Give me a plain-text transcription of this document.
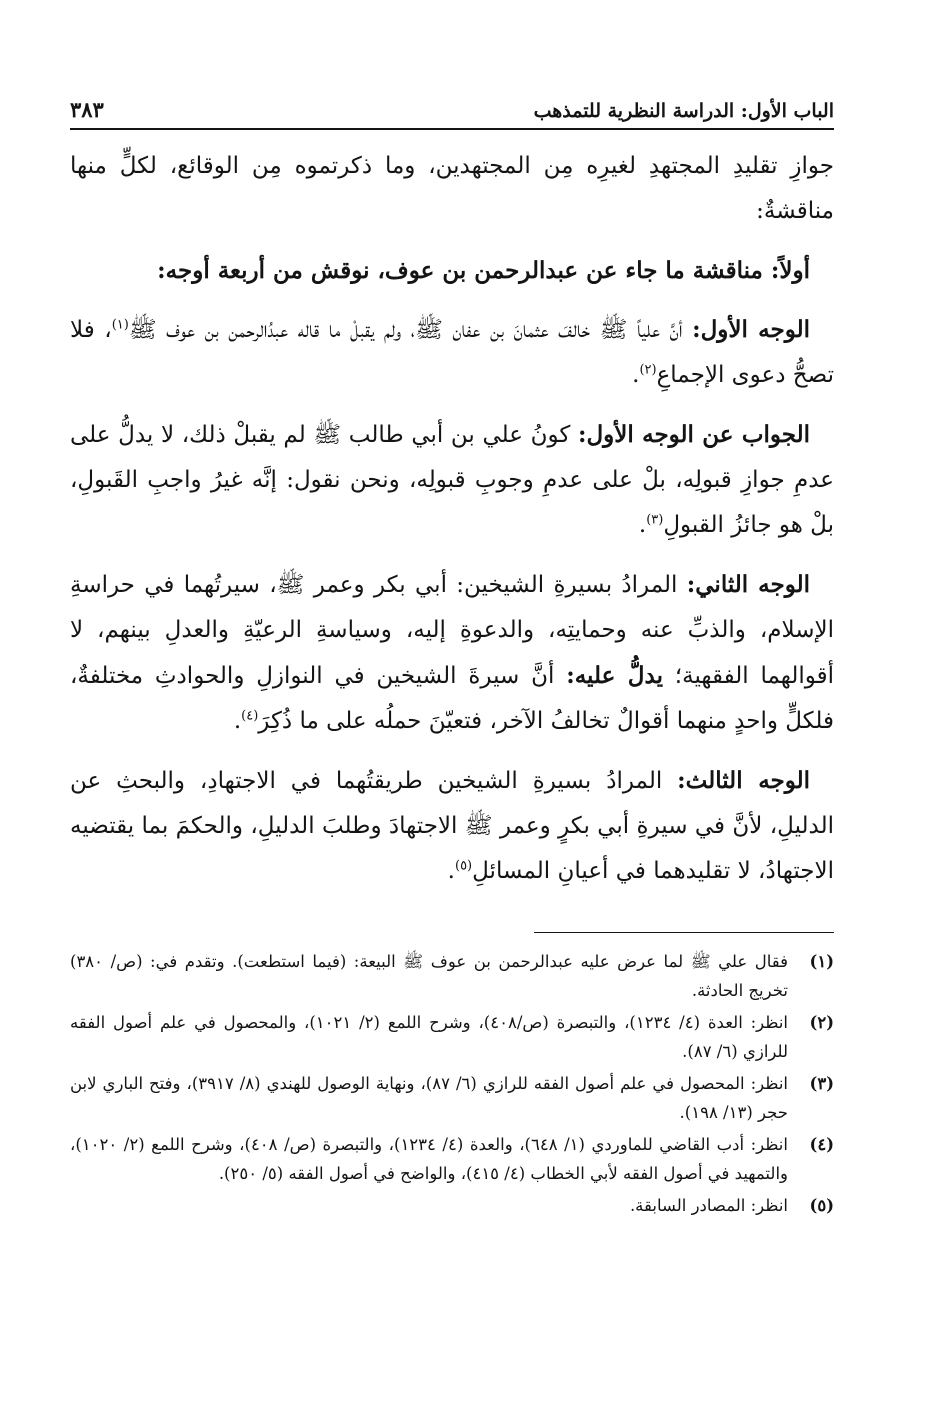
الباب الأول: الدراسة النظرية للتمذهب
٣٨٣

جوازِ تقليدِ المجتهدِ لغيرِه مِن المجتهدين، وما ذكرتموه مِن الوقائع، لكلٍّ منها مناقشةٌ:

أولاً: مناقشة ما جاء عن عبدالرحمن بن عوف، نوقش من أربعة أوجه:

الوجه الأول: أنَّ علياً ﷺ خالفَ عثمانَ بن عفان ﷺ، ولم يقبلْ ما قاله عبدُالرحمن بن عوف ﷺ$^{(١)}$، فلا تصحُّ دعوى الإجماعِ$^{(٢)}$.

الجواب عن الوجه الأول: كونُ علي بن أبي طالب ﷺ لم يقبلْ ذلك، لا يدلُّ على عدمِ جوازِ قبولِه، بلْ على عدمِ وجوبِ قبولِه، ونحن نقول: إنَّه غيرُ واجبِ القَبولِ، بلْ هو جائزُ القبولِ$^{(٣)}$.

الوجه الثاني: المرادُ بسيرةِ الشيخين: أبي بكر وعمر ﷺ، سيرتُهما في حراسةِ الإسلام، والذبِّ عنه وحمايتِه، والدعوةِ إليه، وسياسةِ الرعيّةِ والعدلِ بينهم، لا أقوالهما الفقهية؛ يدلُّ عليه: أنَّ سيرةَ الشيخين في النوازلِ والحوادثِ مختلفةٌ، فلكلٍّ واحدٍ منهما أقوالٌ تخالفُ الآخر، فتعيّنَ حملُه على ما ذُكِرَ$^{(٤)}$.

الوجه الثالث: المرادُ بسيرةِ الشيخين طريقتُهما في الاجتهادِ، والبحثِ عن الدليلِ، لأنَّ في سيرةِ أبي بكرٍ وعمر ﷺ الاجتهادَ وطلبَ الدليلِ، والحكمَ بما يقتضيه الاجتهادُ، لا تقليدهما في أعيانِ المسائلِ$^{(٥)}$.

(١)
فقال علي ﷺ لما عرض عليه عبدالرحمن بن عوف ﷺ البيعة: (فيما استطعت). وتقدم في: (ص/ ٣٨٠) تخريج الحادثة.
(٢)
انظر: العدة (٤/ ١٢٣٤)، والتبصرة (ص/٤٠٨)، وشرح اللمع (٢/ ١٠٢١)، والمحصول في علم أصول الفقه للرازي (٦/ ٨٧).
(٣)
انظر: المحصول في علم أصول الفقه للرازي (٦/ ٨٧)، ونهاية الوصول للهندي (٨/ ٣٩١٧)، وفتح الباري لابن حجر (١٣/ ١٩٨).
(٤)
انظر: أدب القاضي للماوردي (١/ ٦٤٨)، والعدة (٤/ ١٢٣٤)، والتبصرة (ص/ ٤٠٨)، وشرح اللمع (٢/ ١٠٢٠)، والتمهيد في أصول الفقه لأبي الخطاب (٤/ ٤١٥)، والواضح في أصول الفقه (٥/ ٢٥٠).
(٥)
انظر: المصادر السابقة.
